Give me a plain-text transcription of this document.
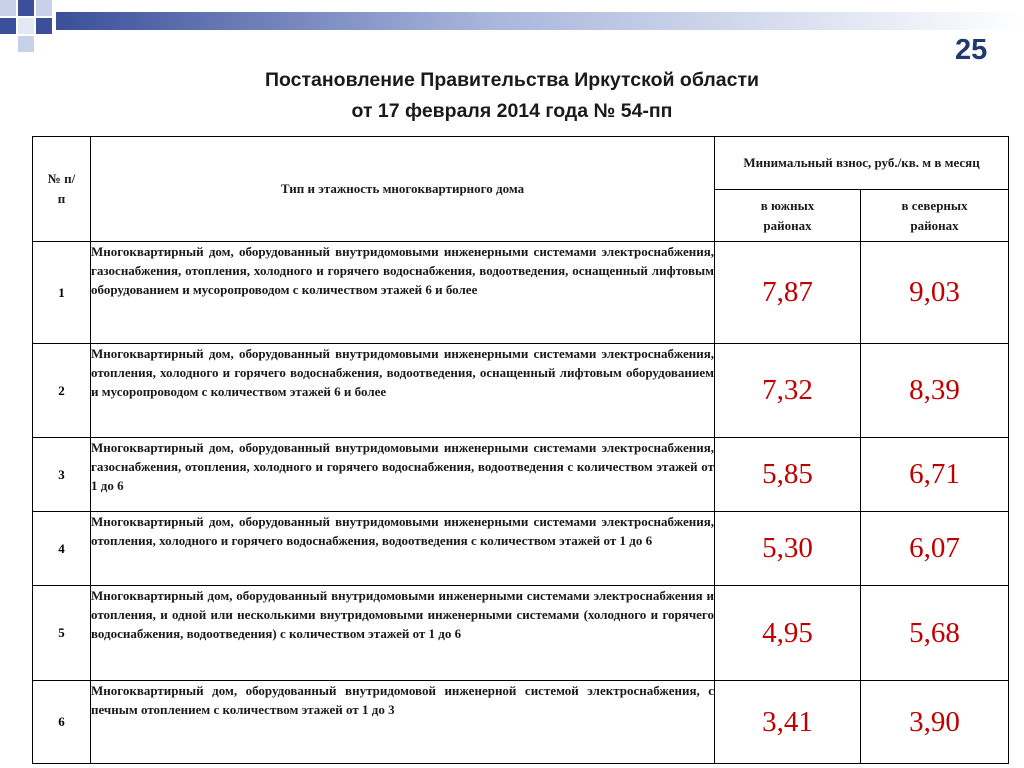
25
Постановление Правительства Иркутской области
от 17 февраля 2014 года № 54-пп
№ п/п	Тип и этажность многоквартирного дома	Минимальный взнос, руб./кв. м в месяц	
		в южных районах	в северных районах
1	Многоквартирный дом, оборудованный внутридомовыми инженерными системами электроснабжения, газоснабжения, отопления, холодного и горячего водоснабжения, водоотведения, оснащенный лифтовым оборудованием и мусоропроводом с количеством этажей 6 и более	7,87	9,03
2	Многоквартирный дом, оборудованный внутридомовыми инженерными системами электроснабжения, отопления, холодного и горячего водоснабжения, водоотведения, оснащенный лифтовым оборудованием и мусоропроводом с количеством этажей 6 и более	7,32	8,39
3	Многоквартирный дом, оборудованный внутридомовыми инженерными системами электроснабжения, газоснабжения, отопления, холодного и горячего водоснабжения, водоотведения с количеством этажей от 1 до 6	5,85	6,71
4	Многоквартирный дом, оборудованный внутридомовыми инженерными системами электроснабжения, отопления, холодного и горячего водоснабжения, водоотведения с количеством этажей от 1 до 6	5,30	6,07
5	Многоквартирный дом, оборудованный внутридомовыми инженерными системами электроснабжения и отопления, и одной или несколькими внутридомовыми инженерными системами (холодного и горячего водоснабжения, водоотведения) с количеством этажей от 1 до 6	4,95	5,68
6	Многоквартирный дом, оборудованный внутридомовой инженерной системой электроснабжения, с печным отоплением с количеством этажей от 1 до 3	3,41	3,90
